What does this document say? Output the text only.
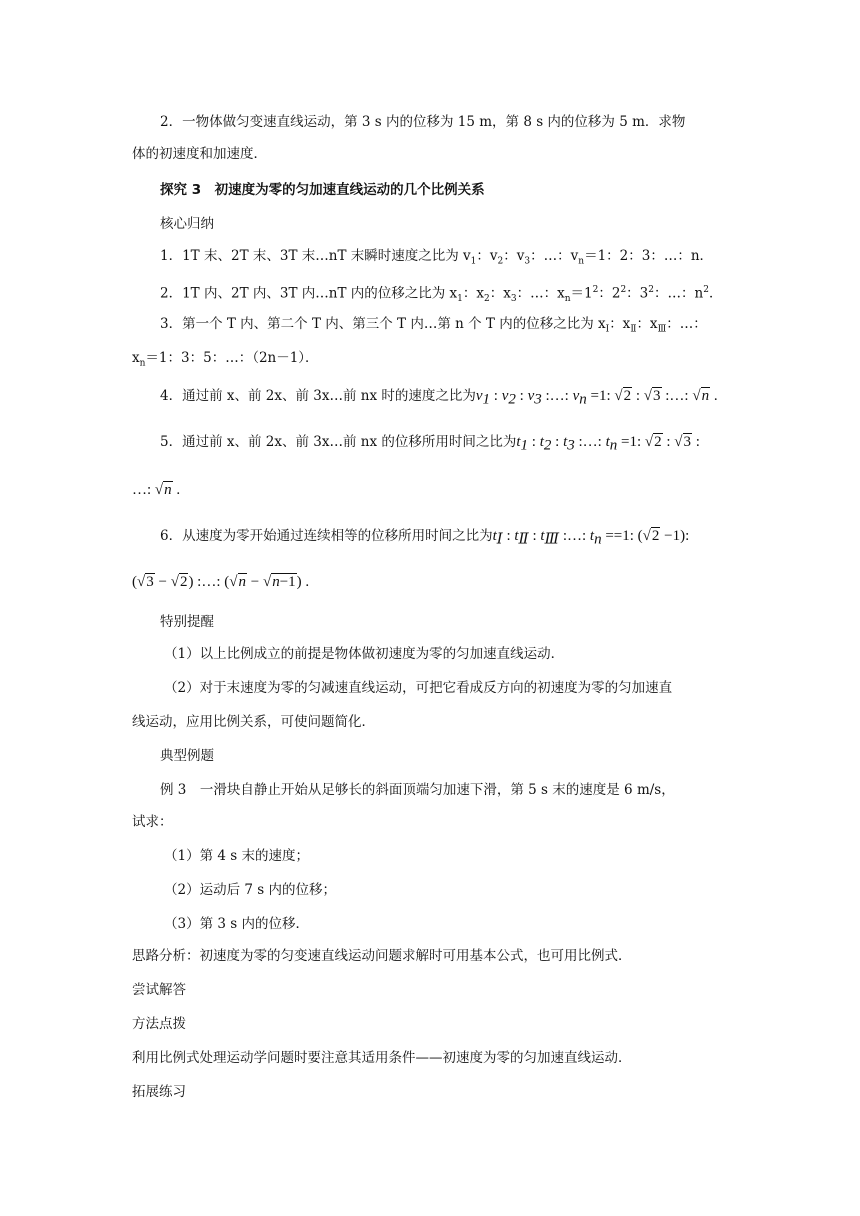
2．一物体做匀变速直线运动，第 3 s 内的位移为 15 m，第 8 s 内的位移为 5 m．求物
体的初速度和加速度．
探究 3　初速度为零的匀加速直线运动的几个比例关系
核心归纳
1．1T 末、2T 末、3T 末…nT 末瞬时速度之比为 $v_1$：$v_2$：$v_3$：…：$v_n=1$：2：3：…：n．
2．1T 内、2T 内、3T 内…nT 内的位移之比为 $x_1$：$x_2$：$x_3$：…：$x_n=1^2$：$2^2$：$3^2$：…：$n^2$．
3．第一个 T 内、第二个 T 内、第三个 T 内…第 n 个 T 内的位移之比为 $x_Ⅰ$：$x_Ⅱ$：$x_Ⅲ$：…：
$x_n=1$：3：5：…：（2n－1）．
4．通过前 x、前 2x、前 3x…前 nx 时的速度之比为$v_1$ : $v_2$ : $v_3$ :…: $v_n =1$: √2 : √3 :…: √n .
5．通过前 x、前 2x、前 3x…前 nx 的位移所用时间之比为$t_1$ : $t_2$ : $t_3$ :…: $t_n =1$: √2 : √3 :
…: √n .
6．从速度为零开始通过连续相等的位移所用时间之比为$t_Ⅰ$ : $t_Ⅱ$ : $t_Ⅲ$ :…: $t_n ==1$: (√2 −1):
(√3 − √2) :…: (√n − √n−1) .
特别提醒
（1）以上比例成立的前提是物体做初速度为零的匀加速直线运动．
（2）对于末速度为零的匀减速直线运动，可把它看成反方向的初速度为零的匀加速直
线运动，应用比例关系，可使问题简化．
典型例题
例 3　一滑块自静止开始从足够长的斜面顶端匀加速下滑，第 5 s 末的速度是 6 m/s，
试求：
（1）第 4 s 末的速度；
（2）运动后 7 s 内的位移；
（3）第 3 s 内的位移．
思路分析：初速度为零的匀变速直线运动问题求解时可用基本公式，也可用比例式．
尝试解答
方法点拨
利用比例式处理运动学问题时要注意其适用条件——初速度为零的匀加速直线运动．
拓展练习
